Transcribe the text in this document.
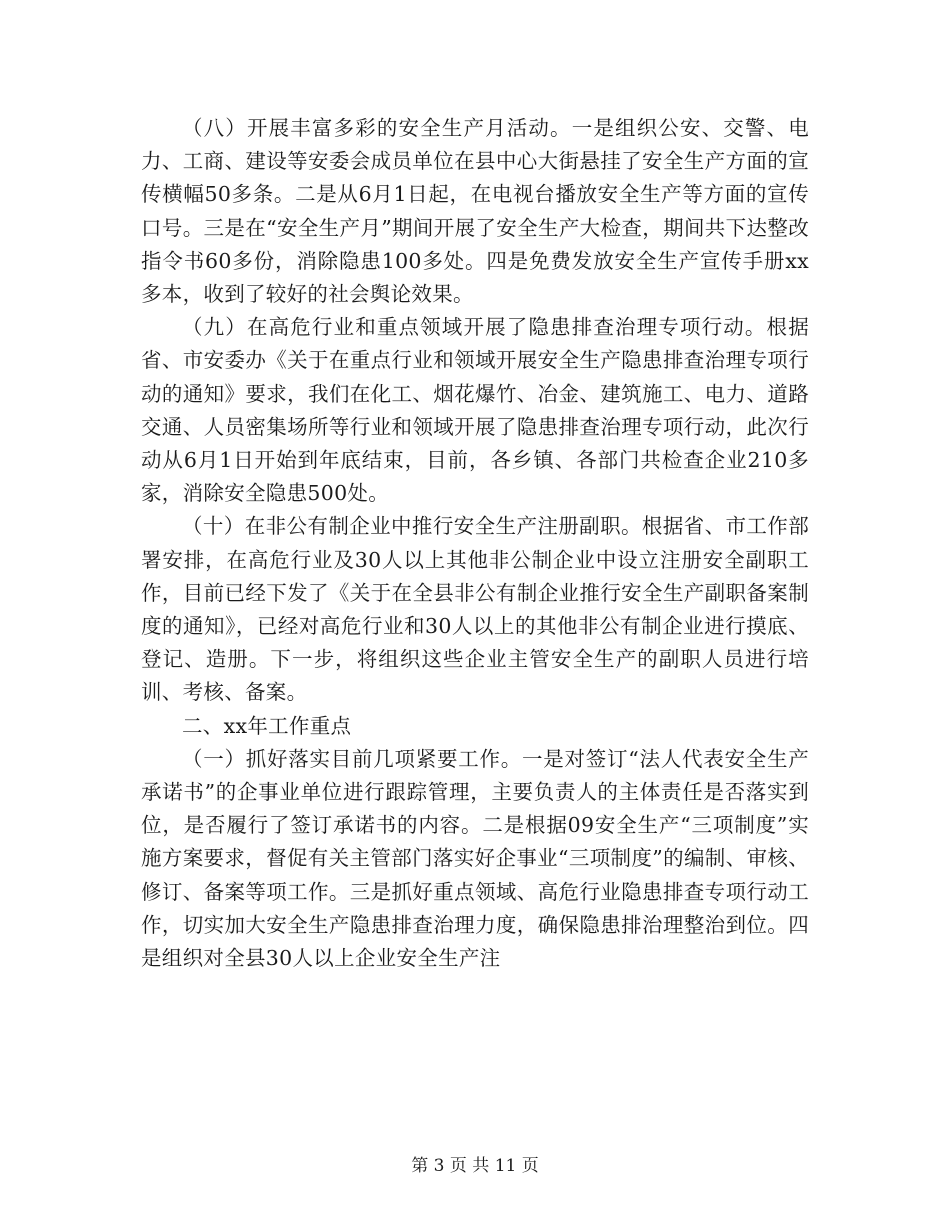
（八）开展丰富多彩的安全生产月活动。一是组织公安、交警、电力、工商、建设等安委会成员单位在县中心大街悬挂了安全生产方面的宣传横幅50多条。二是从6月1日起，在电视台播放安全生产等方面的宣传口号。三是在“安全生产月”期间开展了安全生产大检查，期间共下达整改指令书60多份，消除隐患100多处。四是免费发放安全生产宣传手册xx多本，收到了较好的社会舆论效果。

（九）在高危行业和重点领域开展了隐患排查治理专项行动。根据省、市安委办《关于在重点行业和领域开展安全生产隐患排查治理专项行动的通知》要求，我们在化工、烟花爆竹、冶金、建筑施工、电力、道路交通、人员密集场所等行业和领域开展了隐患排查治理专项行动，此次行动从6月1日开始到年底结束，目前，各乡镇、各部门共检查企业210多家，消除安全隐患500处。

（十）在非公有制企业中推行安全生产注册副职。根据省、市工作部署安排，在高危行业及30人以上其他非公制企业中设立注册安全副职工作，目前已经下发了《关于在全县非公有制企业推行安全生产副职备案制度的通知》，已经对高危行业和30人以上的其他非公有制企业进行摸底、登记、造册。下一步，将组织这些企业主管安全生产的副职人员进行培训、考核、备案。

二、xx年工作重点

（一）抓好落实目前几项紧要工作。一是对签订“法人代表安全生产承诺书”的企事业单位进行跟踪管理，主要负责人的主体责任是否落实到位，是否履行了签订承诺书的内容。二是根据09安全生产“三项制度”实施方案要求，督促有关主管部门落实好企事业“三项制度”的编制、审核、修订、备案等项工作。三是抓好重点领域、高危行业隐患排查专项行动工作，切实加大安全生产隐患排查治理力度，确保隐患排治理整治到位。四是组织对全县30人以上企业安全生产注

第 3 页 共 11 页
